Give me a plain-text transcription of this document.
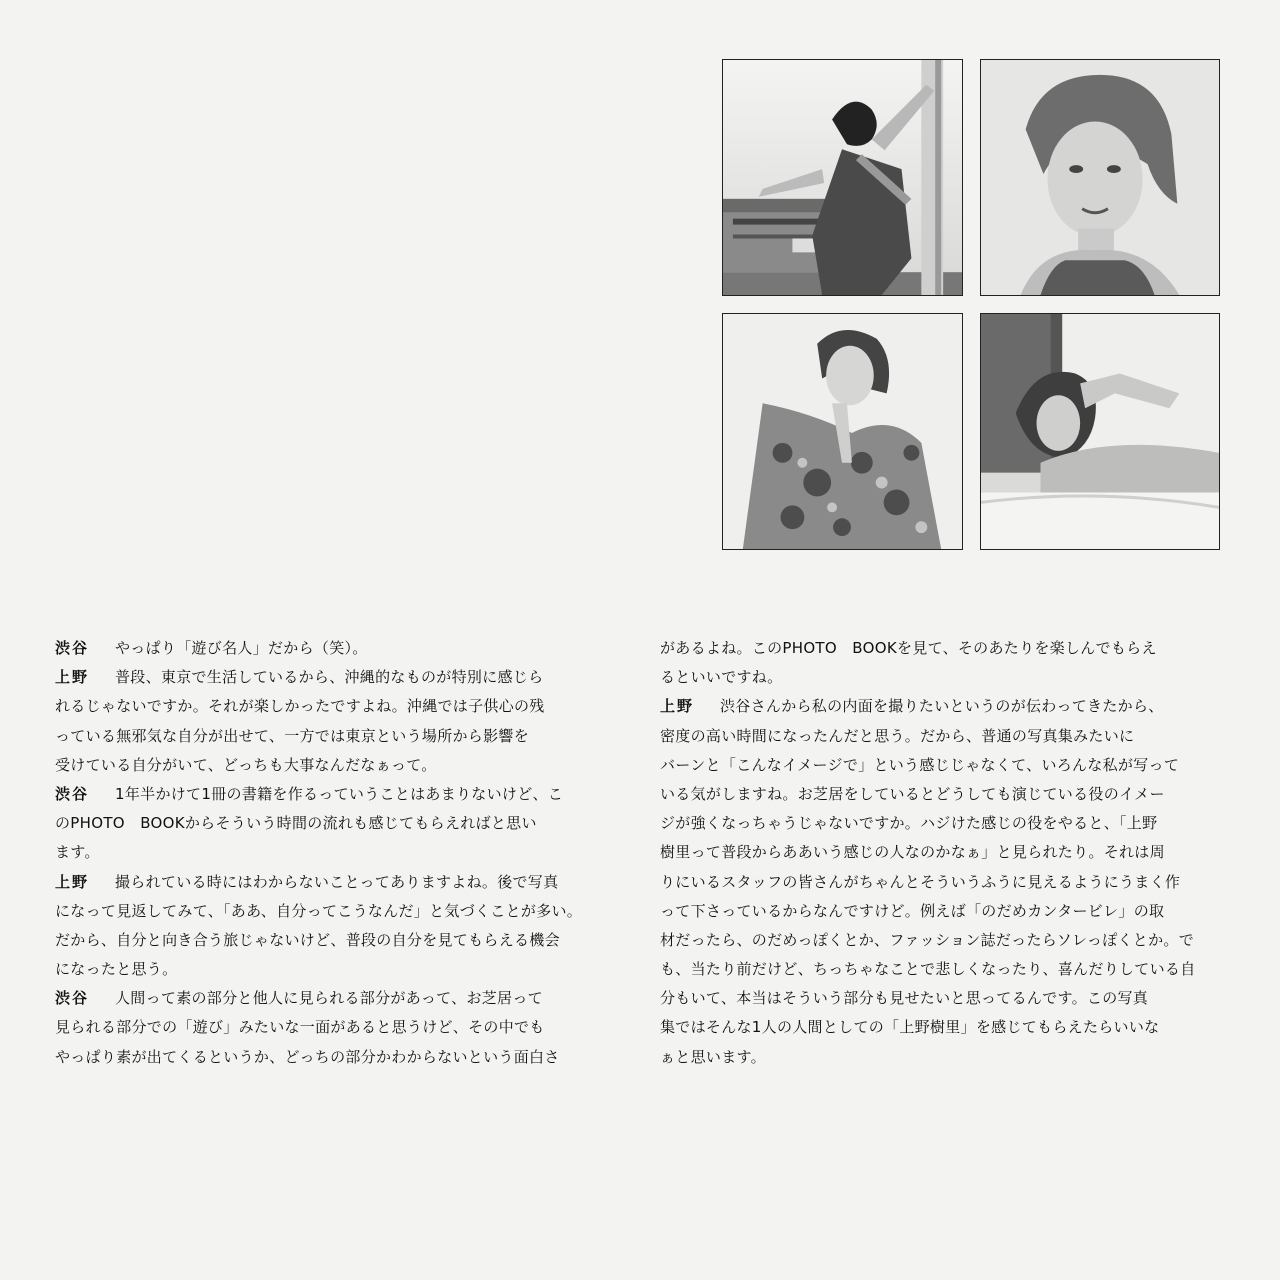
渋谷 やっぱり「遊び名人」だから（笑）。
上野 普段、東京で生活しているから、沖縄的なものが特別に感じら
れるじゃないですか。それが楽しかったですよね。沖縄では子供心の残
っている無邪気な自分が出せて、一方では東京という場所から影響を
受けている自分がいて、どっちも大事なんだなぁって。
渋谷 1年半かけて1冊の書籍を作るっていうことはあまりないけど、こ
のPHOTO　BOOKからそういう時間の流れも感じてもらえればと思い
ます。
上野 撮られている時にはわからないことってありますよね。後で写真
になって見返してみて、「ああ、自分ってこうなんだ」と気づくことが多い。
だから、自分と向き合う旅じゃないけど、普段の自分を見てもらえる機会
になったと思う。
渋谷 人間って素の部分と他人に見られる部分があって、お芝居って
見られる部分での「遊び」みたいな一面があると思うけど、その中でも
やっぱり素が出てくるというか、どっちの部分かわからないという面白さ
があるよね。このPHOTO　BOOKを見て、そのあたりを楽しんでもらえ
るといいですね。
上野 渋谷さんから私の内面を撮りたいというのが伝わってきたから、
密度の高い時間になったんだと思う。だから、普通の写真集みたいに
バーンと「こんなイメージで」という感じじゃなくて、いろんな私が写って
いる気がしますね。お芝居をしているとどうしても演じている役のイメー
ジが強くなっちゃうじゃないですか。ハジけた感じの役をやると、「上野
樹里って普段からああいう感じの人なのかなぁ」と見られたり。それは周
りにいるスタッフの皆さんがちゃんとそういうふうに見えるようにうまく作
って下さっているからなんですけど。例えば「のだめカンタービレ」の取
材だったら、のだめっぽくとか、ファッション誌だったらソレっぽくとか。で
も、当たり前だけど、ちっちゃなことで悲しくなったり、喜んだりしている自
分もいて、本当はそういう部分も見せたいと思ってるんです。この写真
集ではそんな1人の人間としての「上野樹里」を感じてもらえたらいいな
ぁと思います。
